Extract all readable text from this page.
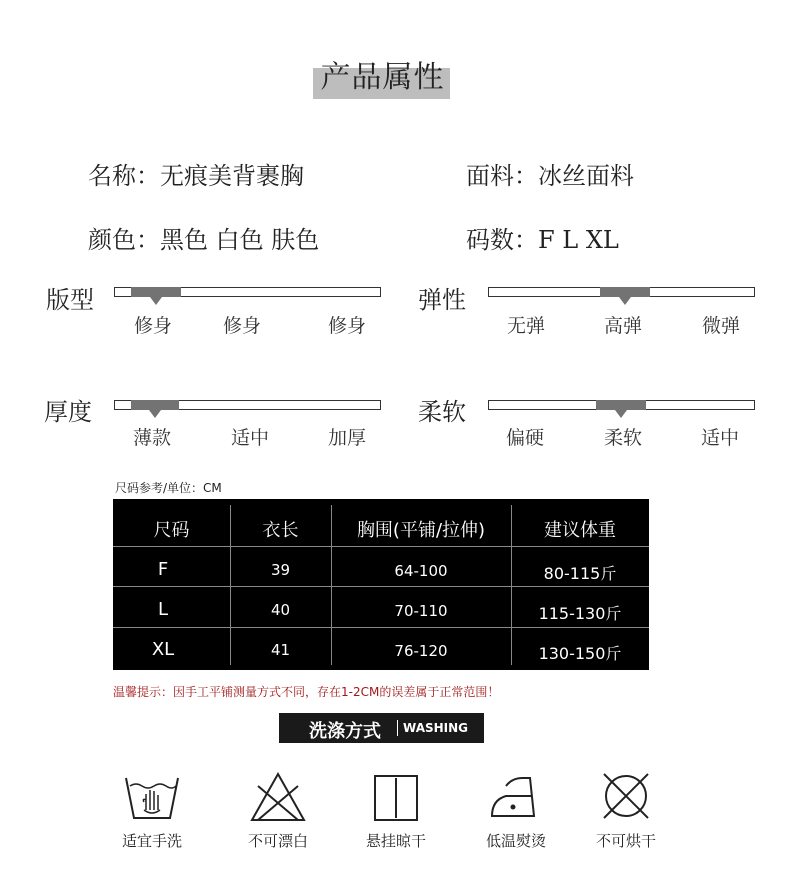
产品属性
名称：无痕美背裹胸	面料：冰丝面料
颜色：黑色 白色 肤色	码数：F L XL
版型
修身	修身	修身
弹性
无弹	高弹	微弹
厚度
薄款	适中	加厚
柔软
偏硬	柔软	适中
尺码参考/单位：CM
尺码	衣长	胸围(平铺/拉伸)	建议体重
F	39	64-100	80-115斤
L	40	70-110	115-130斤
XL	41	76-120	130-150斤
温馨提示：因手工平铺测量方式不同，存在1-2CM的误差属于正常范围！
洗涤方式 WASHING
适宜手洗	不可漂白	悬挂晾干	低温熨烫	不可烘干
